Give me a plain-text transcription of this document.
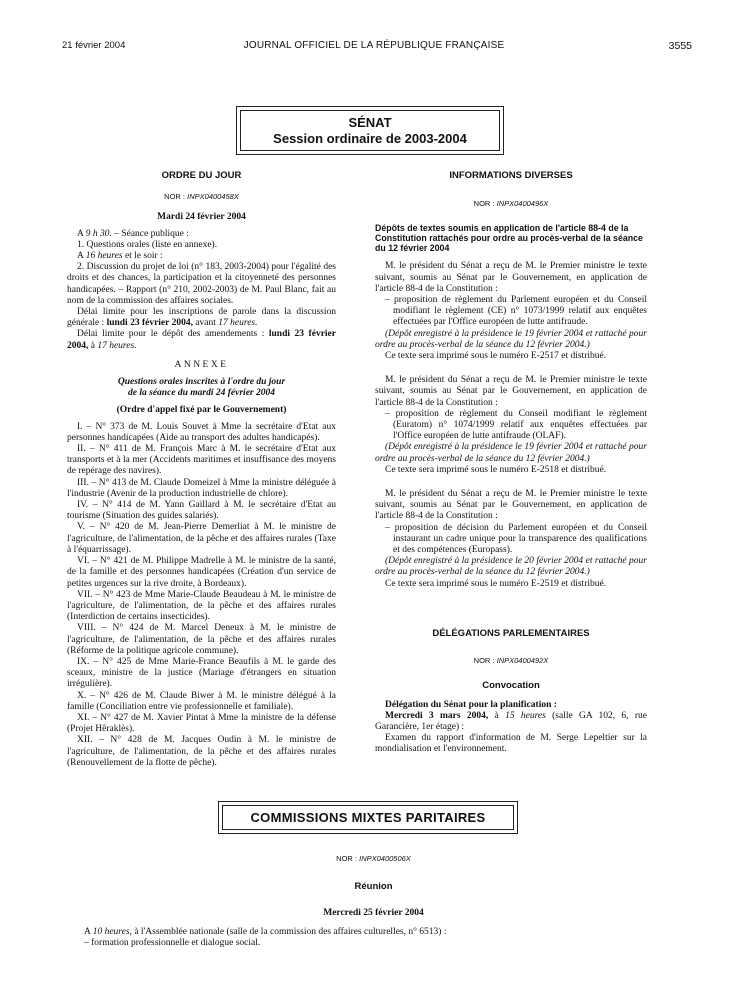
21 février 2004	JOURNAL OFFICIEL DE LA RÉPUBLIQUE FRANÇAISE	3555
SÉNAT
Session ordinaire de 2003-2004

ORDRE DU JOUR

NOR : INPX0400458X

Mardi 24 février 2004

A 9 h 30. – Séance publique :

1. Questions orales (liste en annexe).

A 16 heures et le soir :

2. Discussion du projet de loi (n° 183, 2003-2004) pour l'égalité des droits et des chances, la participation et la citoyenneté des personnes handicapées. – Rapport (n° 210, 2002-2003) de M. Paul Blanc, fait au nom de la commission des affaires sociales.

Délai limite pour les inscriptions de parole dans la discussion générale : lundi 23 février 2004, avant 17 heures.

Délai limite pour le dépôt des amendements : lundi 23 février 2004, à 17 heures.

ANNEXE

Questions orales inscrites à l'ordre du jour

de la séance du mardi 24 février 2004

(Ordre d'appel fixé par le Gouvernement)

I. – N° 373 de M. Louis Souvet à Mme la secrétaire d'Etat aux personnes handicapées (Aide au transport des adultes handicapés).

II. – N° 411 de M. François Marc à M. le secrétaire d'Etat aux transports et à la mer (Accidents maritimes et insuffisance des moyens de repérage des navires).

III. – N° 413 de M. Claude Domeizel à Mme la ministre déléguée à l'industrie (Avenir de la production industrielle de chlore).

IV. – N° 414 de M. Yann Gaillard à M. le secrétaire d'Etat au tourisme (Situation des guides salariés).

V. – N° 420 de M. Jean-Pierre Demerliat à M. le ministre de l'agriculture, de l'alimentation, de la pêche et des affaires rurales (Taxe à l'équarrissage).

VI. – N° 421 de M. Philippe Madrelle à M. le ministre de la santé, de la famille et des personnes handicapées (Création d'un service de petites urgences sur la rive droite, à Bordeaux).

VII. – N° 423 de Mme Marie-Claude Beaudeau à M. le ministre de l'agriculture, de l'alimentation, de la pêche et des affaires rurales (Interdiction de certains insecticides).

VIII. – N° 424 de M. Marcel Deneux à M. le ministre de l'agriculture, de l'alimentation, de la pêche et des affaires rurales (Réforme de la politique agricole commune).

IX. – N° 425 de Mme Marie-France Beaufils à M. le garde des sceaux, ministre de la justice (Mariage d'étrangers en situation irrégulière).

X. – N° 426 de M. Claude Biwer à M. le ministre délégué à la famille (Conciliation entre vie professionnelle et familiale).

XI. – N° 427 de M. Xavier Pintat à Mme la ministre de la défense (Projet Hêraklès).

XII. – N° 428 de M. Jacques Oudin à M. le ministre de l'agriculture, de l'alimentation, de la pêche et des affaires rurales (Renouvellement de la flotte de pêche).

INFORMATIONS DIVERSES

NOR : INPX0400496X

Dépôts de textes soumis en application de l'article 88-4 de la Constitution rattachés pour ordre au procès-verbal de la séance du 12 février 2004

M. le président du Sénat a reçu de M. le Premier ministre le texte suivant, soumis au Sénat par le Gouvernement, en application de l'article 88-4 de la Constitution :

– proposition de règlement du Parlement européen et du Conseil modifiant le règlement (CE) n° 1073/1999 relatif aux enquêtes effectuées par l'Office européen de lutte antifraude.

(Dépôt enregistré à la présidence le 19 février 2004 et rattaché pour ordre au procès-verbal de la séance du 12 février 2004.)

Ce texte sera imprimé sous le numéro E-2517 et distribué.

M. le président du Sénat a reçu de M. le Premier ministre le texte suivant, soumis au Sénat par le Gouvernement, en application de l'article 88-4 de la Constitution :

– proposition de règlement du Conseil modifiant le règlement (Euratom) n° 1074/1999 relatif aux enquêtes effectuées par l'Office européen de lutte antifraude (OLAF).

(Dépôt enregistré à la présidence le 19 février 2004 et rattaché pour ordre au procès-verbal de la séance du 12 février 2004.)

Ce texte sera imprimé sous le numéro E-2518 et distribué.

M. le président du Sénat a reçu de M. le Premier ministre le texte suivant, soumis au Sénat par le Gouvernement, en application de l'article 88-4 de la Constitution :

– proposition de décision du Parlement européen et du Conseil instaurant un cadre unique pour la transparence des qualifications et des compétences (Europass).

(Dépôt enregistré à la présidence le 20 février 2004 et rattaché pour ordre au procès-verbal de la séance du 12 février 2004.)

Ce texte sera imprimé sous le numéro E-2519 et distribué.

DÉLÉGATIONS PARLEMENTAIRES

NOR : INPX0400492X

Convocation

Délégation du Sénat pour la planification :

Mercredi 3 mars 2004, à 15 heures (salle GA 102, 6, rue Garancière, 1er étage) :

Examen du rapport d'information de M. Serge Lepeltier sur la mondialisation et l'environnement.

COMMISSIONS MIXTES PARITAIRES

NOR : INPX0400506X

Réunion

Mercredi 25 février 2004

A 10 heures, à l'Assemblée nationale (salle de la commission des affaires culturelles, n° 6513) :

– formation professionnelle et dialogue social.
